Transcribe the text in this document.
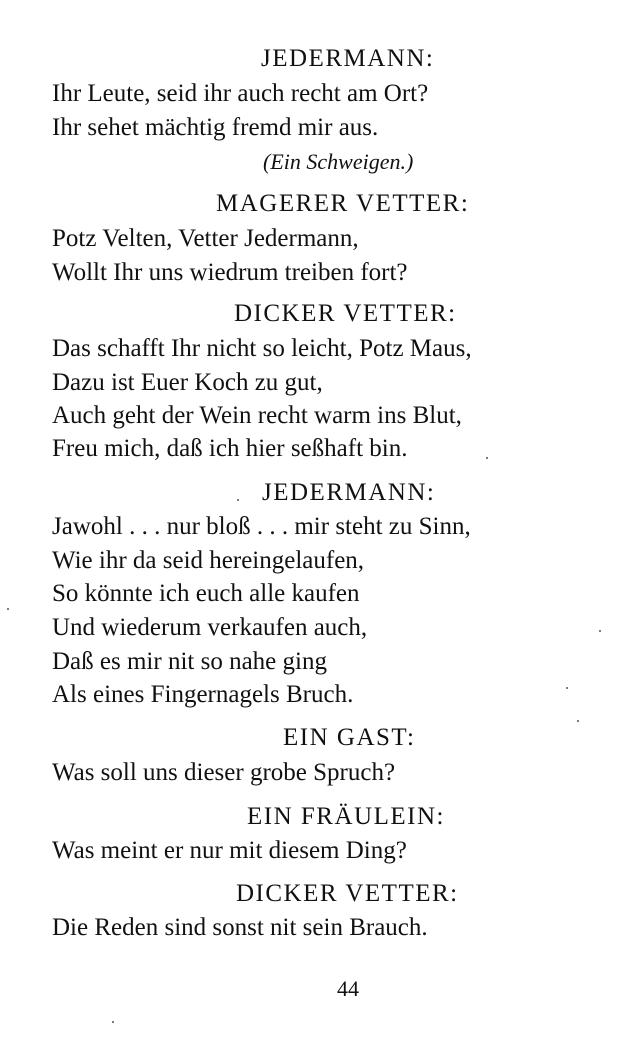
JEDERMANN:
Ihr Leute, seid ihr auch recht am Ort?
Ihr sehet mächtig fremd mir aus.
(Ein Schweigen.)
MAGERER VETTER:
Potz Velten, Vetter Jedermann,
Wollt Ihr uns wiedrum treiben fort?
DICKER VETTER:
Das schafft Ihr nicht so leicht, Potz Maus,
Dazu ist Euer Koch zu gut,
Auch geht der Wein recht warm ins Blut,
Freu mich, daß ich hier seßhaft bin.
JEDERMANN:
Jawohl . . . nur bloß . . . mir steht zu Sinn,
Wie ihr da seid hereingelaufen,
So könnte ich euch alle kaufen
Und wiederum verkaufen auch,
Daß es mir nit so nahe ging
Als eines Fingernagels Bruch.
EIN GAST:
Was soll uns dieser grobe Spruch?
EIN FRÄULEIN:
Was meint er nur mit diesem Ding?
DICKER VETTER:
Die Reden sind sonst nit sein Brauch.
44
